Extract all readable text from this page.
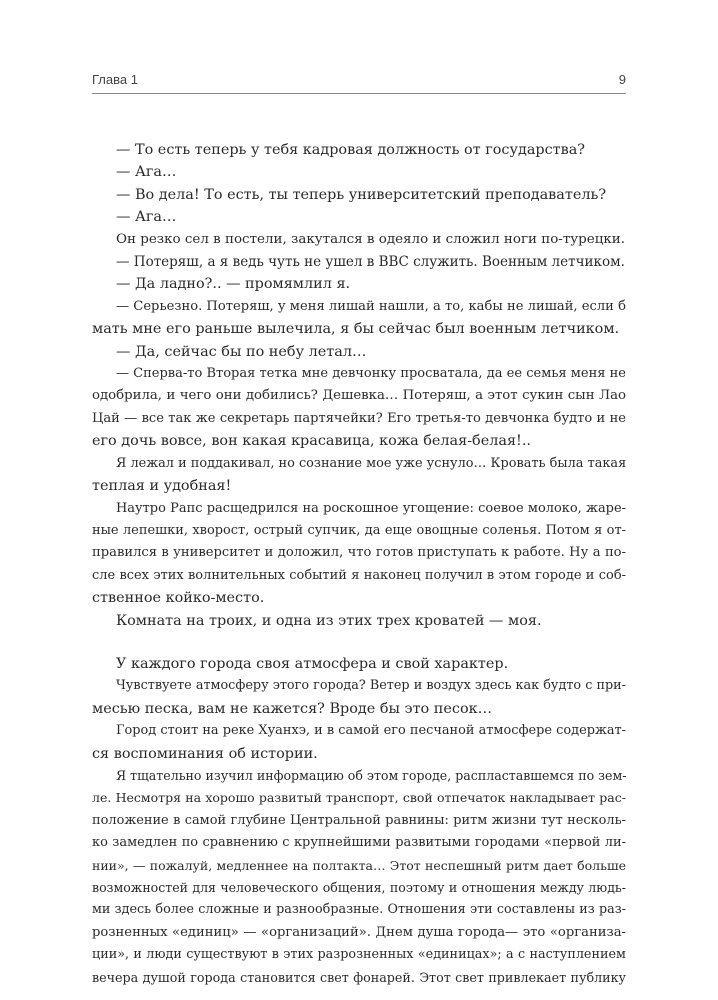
Глава 1	9
— То есть теперь у тебя кадровая должность от государства?
— Ага…
— Во дела! То есть, ты теперь университетский преподаватель?
— Ага…
Он резко сел в постели, закутался в одеяло и сложил ноги по-турецки.
— Потеряш, а я ведь чуть не ушел в ВВС служить. Военным летчиком.
— Да ладно?.. — промямлил я.
— Серьезно. Потеряш, у меня лишай нашли, а то, кабы не лишай, если б
мать мне его раньше вылечила, я бы сейчас был военным летчиком.
— Да, сейчас бы по небу летал…
— Сперва-то Вторая тетка мне девчонку просватала, да ее семья меня не
одобрила, и чего они добились? Дешевка… Потеряш, а этот сукин сын Лао
Цай — все так же секретарь партячейки? Его третья-то девчонка будто и не
его дочь вовсе, вон какая красавица, кожа белая-белая!..
Я лежал и поддакивал, но сознание мое уже уснуло… Кровать была такая
теплая и удобная!
Наутро Рапс расщедрился на роскошное угощение: соевое молоко, жаре-
ные лепешки, хворост, острый супчик, да еще овощные соленья. Потом я от-
правился в университет и доложил, что готов приступать к работе. Ну а по-
сле всех этих волнительных событий я наконец получил в этом городе и соб-
ственное койко-место.
Комната на троих, и одна из этих трех кроватей — моя.
У каждого города своя атмосфера и свой характер.
Чувствуете атмосферу этого города? Ветер и воздух здесь как будто с при-
месью песка, вам не кажется? Вроде бы это песок…
Город стоит на реке Хуанхэ, и в самой его песчаной атмосфере содержат-
ся воспоминания об истории.
Я тщательно изучил информацию об этом городе, распластавшемся по зем-
ле. Несмотря на хорошо развитый транспорт, свой отпечаток накладывает рас-
положение в самой глубине Центральной равнины: ритм жизни тут несколь-
ко замедлен по сравнению с крупнейшими развитыми городами «первой ли-
нии», — пожалуй, медленнее на полтакта… Этот неспешный ритм дает больше
возможностей для человеческого общения, поэтому и отношения между людь-
ми здесь более сложные и разнообразные. Отношения эти составлены из раз-
розненных «единиц» — «организаций». Днем душа города— это «организа-
ции», и люди существуют в этих разрозненных «единицах»; а с наступлением
вечера душой города становится свет фонарей. Этот свет привлекает публику
